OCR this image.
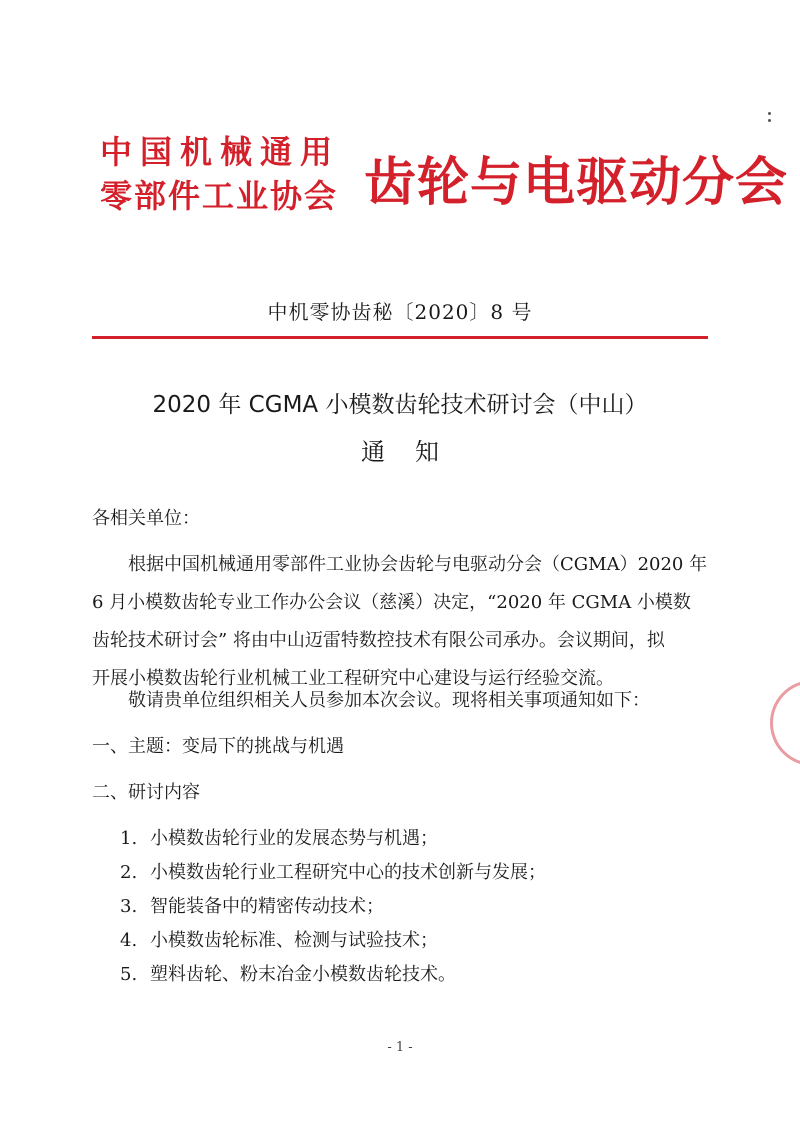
中国机械通用
零部件工业协会 齿轮与电驱动分会
中机零协齿秘〔2020〕8 号
2020 年 CGMA 小模数齿轮技术研讨会（中山）
通知
各相关单位：
根据中国机械通用零部件工业协会齿轮与电驱动分会（CGMA）2020 年
6 月小模数齿轮专业工作办公会议（慈溪）决定，“2020 年 CGMA 小模数
齿轮技术研讨会” 将由中山迈雷特数控技术有限公司承办。会议期间，拟
开展小模数齿轮行业机械工业工程研究中心建设与运行经验交流。
敬请贵单位组织相关人员参加本次会议。现将相关事项通知如下：
一、主题：变局下的挑战与机遇
二、研讨内容
1. 小模数齿轮行业的发展态势与机遇；
2. 小模数齿轮行业工程研究中心的技术创新与发展；
3. 智能装备中的精密传动技术；
4. 小模数齿轮标准、检测与试验技术；
5. 塑料齿轮、粉末冶金小模数齿轮技术。
- 1 -
